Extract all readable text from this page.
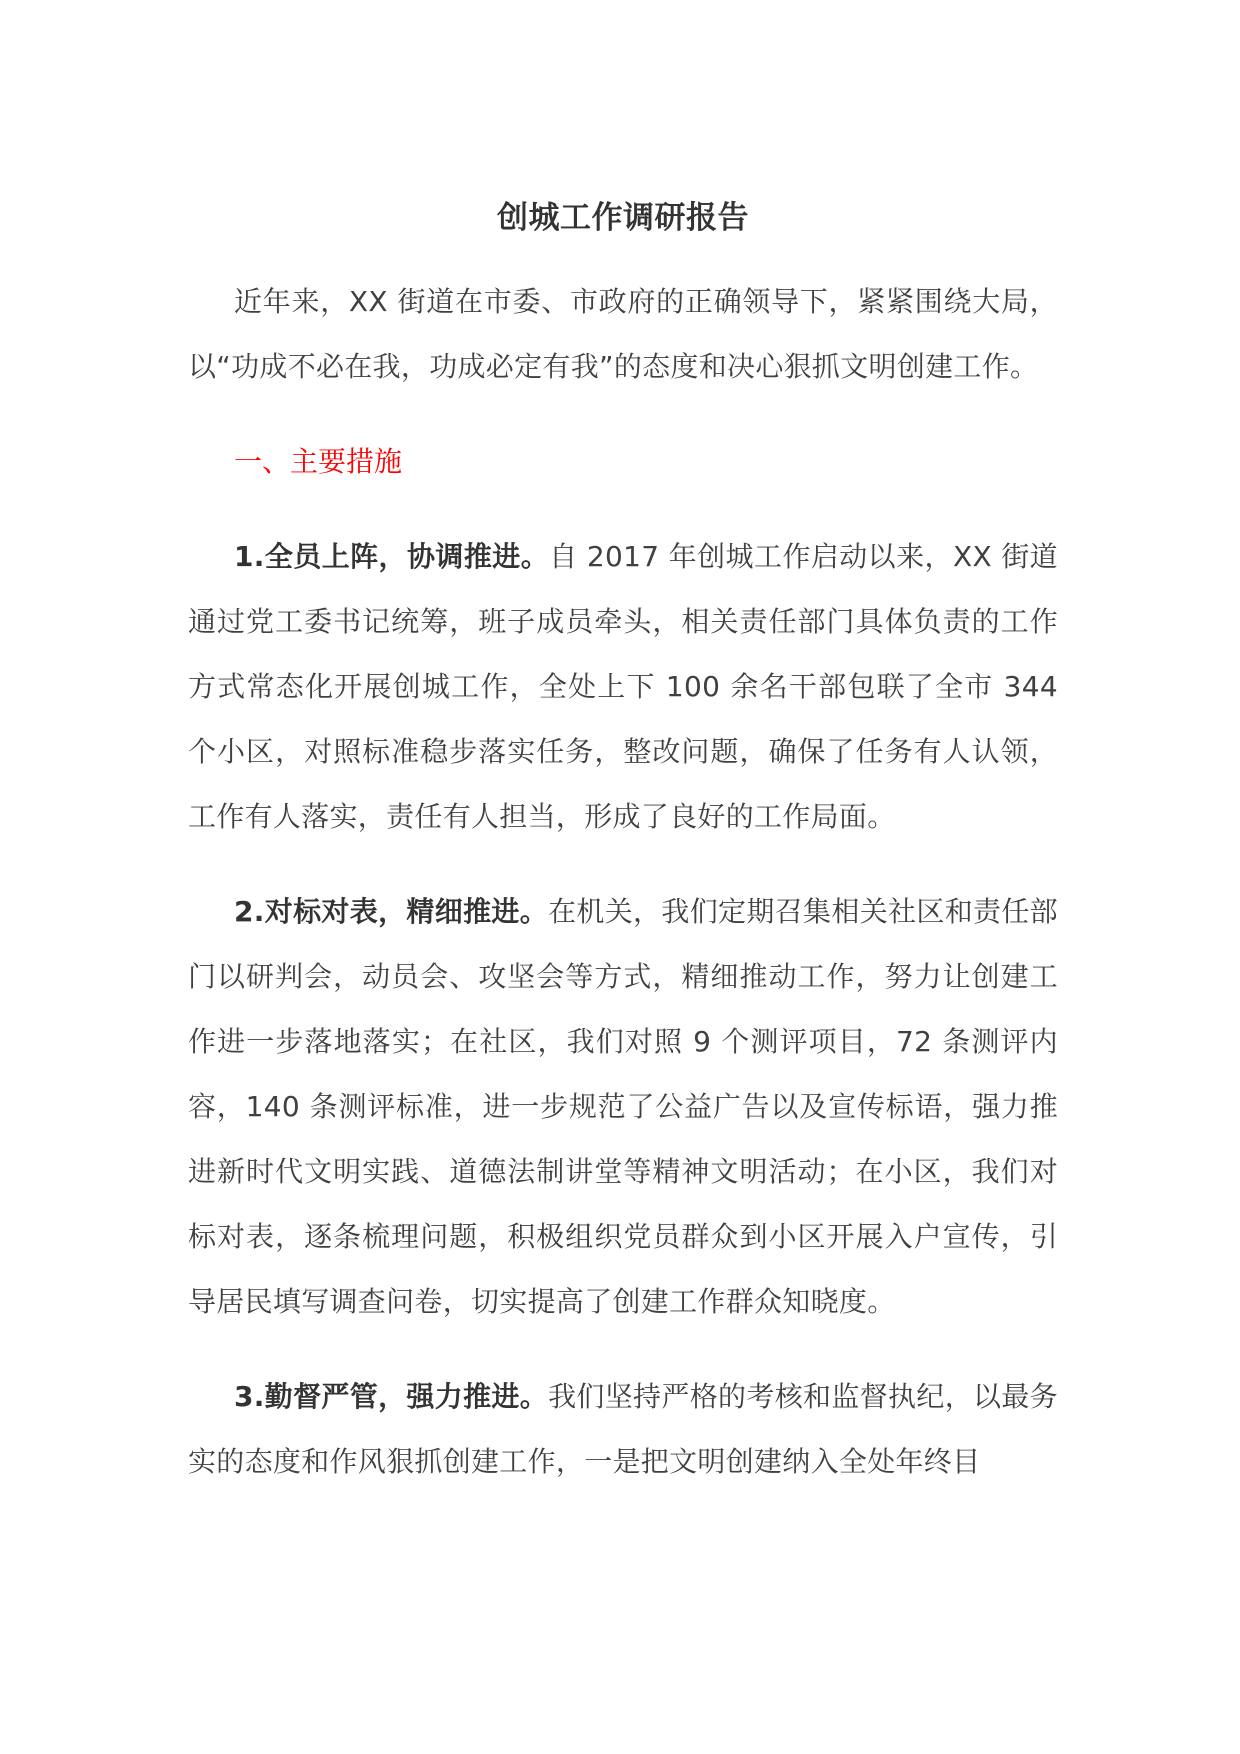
创城工作调研报告

近年来，XX 街道在市委、市政府的正确领导下，紧紧围绕大局，以“功成不必在我，功成必定有我”的态度和决心狠抓文明创建工作。

一、主要措施

1.全员上阵，协调推进。自 2017 年创城工作启动以来，XX 街道通过党工委书记统筹，班子成员牵头，相关责任部门具体负责的工作方式常态化开展创城工作，全处上下 100 余名干部包联了全市 344 个小区，对照标准稳步落实任务，整改问题，确保了任务有人认领，工作有人落实，责任有人担当，形成了良好的工作局面。

2.对标对表，精细推进。在机关，我们定期召集相关社区和责任部门以研判会，动员会、攻坚会等方式，精细推动工作，努力让创建工作进一步落地落实；在社区，我们对照 9 个测评项目，72 条测评内容，140 条测评标准，进一步规范了公益广告以及宣传标语，强力推进新时代文明实践、道德法制讲堂等精神文明活动；在小区，我们对标对表，逐条梳理问题，积极组织党员群众到小区开展入户宣传，引导居民填写调查问卷，切实提高了创建工作群众知晓度。

3.勤督严管，强力推进。我们坚持严格的考核和监督执纪，以最务实的态度和作风狠抓创建工作，一是把文明创建纳入全处年终目
